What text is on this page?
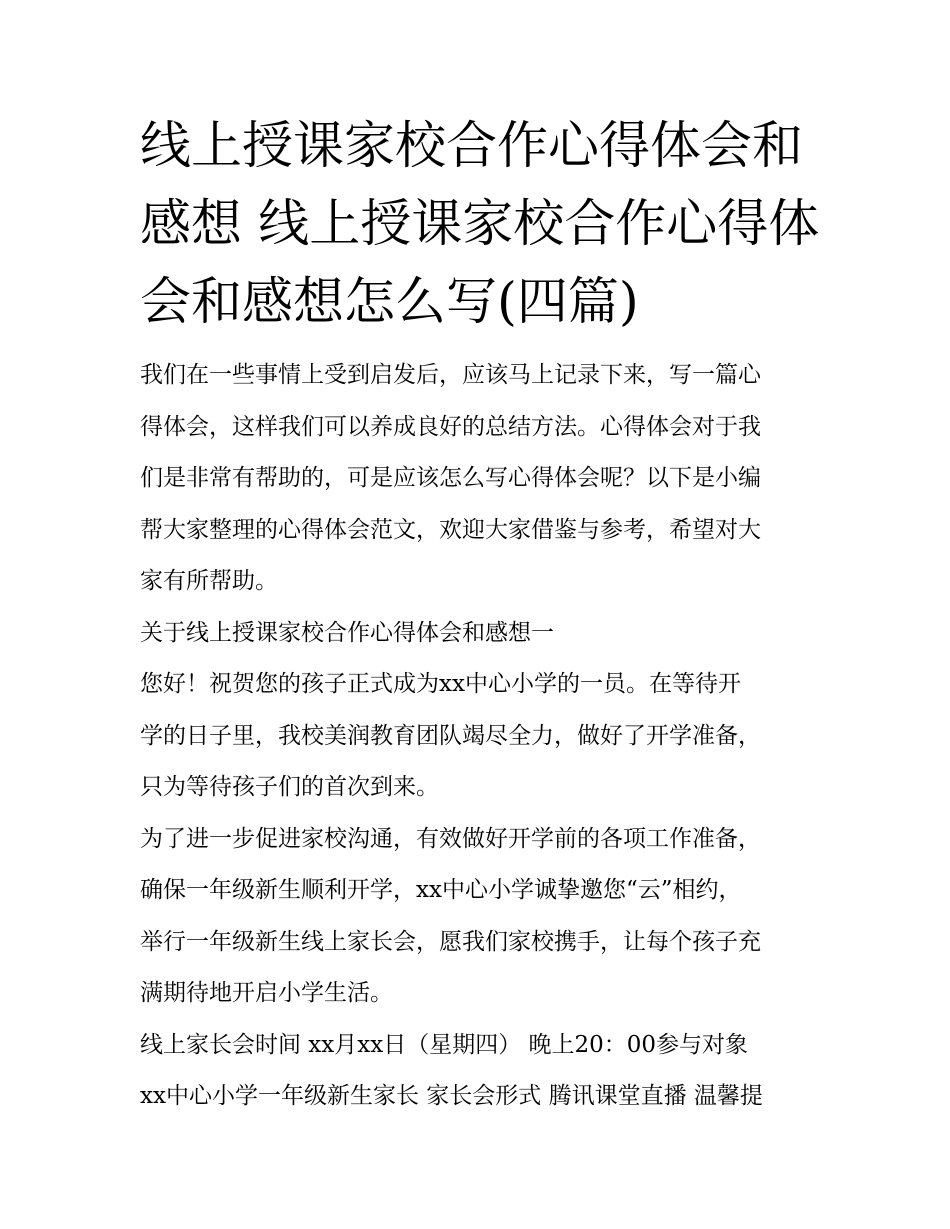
线上授课家校合作心得体会和
感想 线上授课家校合作心得体
会和感想怎么写(四篇)
我们在一些事情上受到启发后，应该马上记录下来，写一篇心
得体会，这样我们可以养成良好的总结方法。心得体会对于我
们是非常有帮助的，可是应该怎么写心得体会呢？以下是小编
帮大家整理的心得体会范文，欢迎大家借鉴与参考，希望对大
家有所帮助。
关于线上授课家校合作心得体会和感想一
您好！祝贺您的孩子正式成为xx中心小学的一员。在等待开
学的日子里，我校美润教育团队竭尽全力，做好了开学准备，
只为等待孩子们的首次到来。
为了进一步促进家校沟通，有效做好开学前的各项工作准备，
确保一年级新生顺利开学，xx中心小学诚挚邀您“云”相约，
举行一年级新生线上家长会，愿我们家校携手，让每个孩子充
满期待地开启小学生活。
线上家长会时间 xx月xx日（星期四） 晚上20：00参与对象
xx中心小学一年级新生家长 家长会形式 腾讯课堂直播 温馨提
